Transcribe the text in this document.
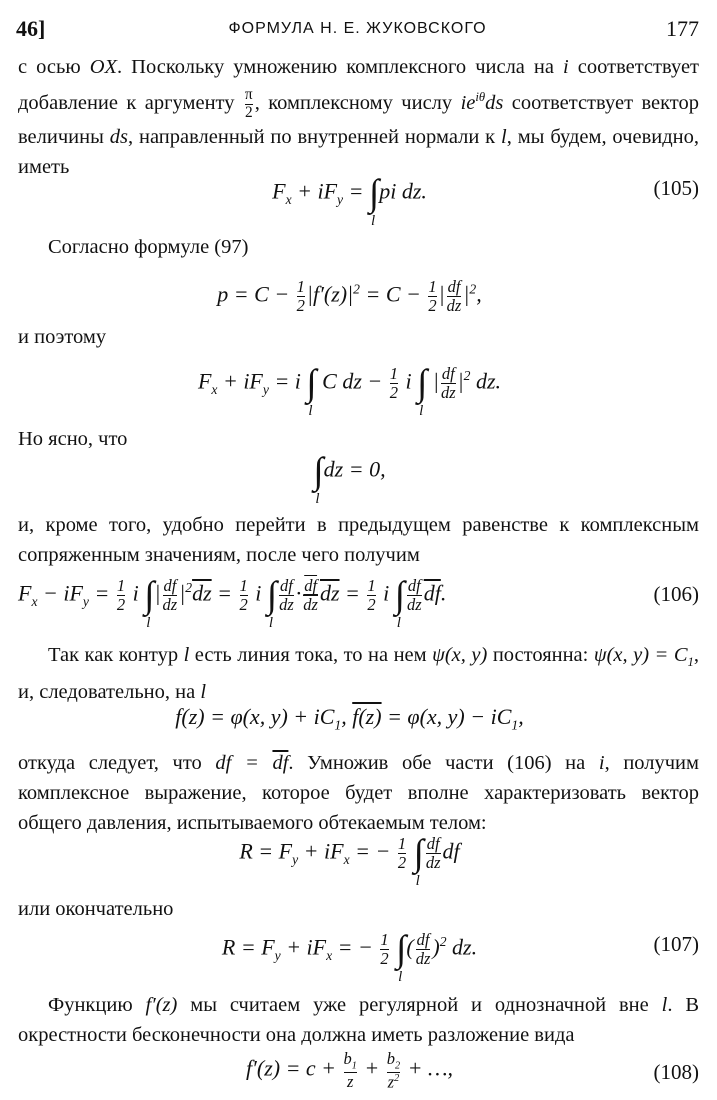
46]	ФОРМУЛА Н. Е. ЖУКОВСКОГО	177

с осью OX. Поскольку умножению комплексного числа на i соответствует добавление к аргументу $\frac{\pi}{2}$ , комплексному числу $ie^{i\theta}ds$ соответствует вектор величины ds, направленный по внутренней нормали к l, мы будем, очевидно, иметь

$F_x + iF_y$ = ∫
l
pi dz.	(105)

Согласно формуле (97)

$p = C - \frac{1}{2} |f'(z)|^2 = C - \frac{1}{2}$ | $\frac{df}{dz} |^2$,

и поэтому

$F_x + iF_y = i$ ∫
l
C dz − $\frac{1}{2}$ i ∫
l
| $\frac{df}{dz} |^2$ dz.

Но ясно, что

∫
l
dz = 0,

и, кроме того, удобно перейти в предыдущем равенстве к комплексным сопряженным значениям, после чего получим

$F_x - iF_y = \frac{1}{2}$ i ∫
l
| $\frac{df}{dz} |^2\overline{dz} = \frac{1}{2}$ i ∫
l
$\frac{df}{dz} \cdot \frac{\overline{df}}{dz} \overline{dz} = \frac{1}{2}$ i ∫
l
$\frac{df}{dz} \overline{df}$.	(106)

Так как контур l есть линия тока, то на нем ψ(x, y) постоянна: ψ(x, $y) = C_1$, и, следовательно, на l

f(z) = φ(x, $y) + iC_1$, f(z) = φ(x, $y) - iC_1$,

откуда следует, что df = $\overline{df}$. Умножив обе части (106) на i, получим комплексное выражение, которое будет вполне характеризовать вектор общего давления, испытываемого обтекаемым телом:

$R = F_y + iF_x$ = − $\frac{1}{2}$ ∫
l
$\frac{df}{dz}$ df

или окончательно

$R = F_y + iF_x$ = − $\frac{1}{2}$ ∫
l
( $\frac{df}{dz} )^2$ dz.	(107)

Функцию f′(z) мы считаем уже регулярной и однозначной вне l. В окрестности бесконечности она должна иметь разложение вида

$f'(z) = c + \frac{b_1}{z} + \frac{b_2}{z^2}$ + …,	(108)
